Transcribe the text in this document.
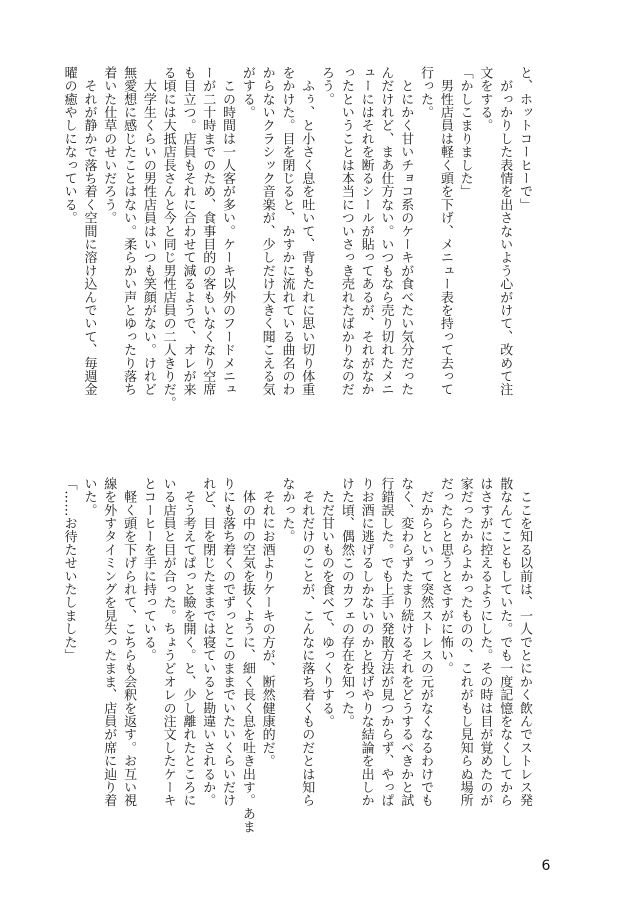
と、ホットコーヒーで」

　がっかりした表情を出さないよう心がけて、改めて注

文をする。

「かしこまりました」

　男性店員は軽く頭を下げ、メニュー表を持って去って

行った。

　とにかく甘いチョコ系のケーキが食べたい気分だった

んだけれど、まあ仕方ない。いつもなら売り切れたメニ

ューにはそれを断るシールが貼ってあるが、それがなか

ったということは本当についさっき売れたばかりなのだ

ろう。

　ふぅ、と小さく息を吐いて、背もたれに思い切り体重

をかけた。目を閉じると、かすかに流れている曲名のわ

からないクラシック音楽が、少しだけ大きく聞こえる気

がする。

　この時間は一人客が多い。ケーキ以外のフードメニュ

ーが二十時までのため、食事目的の客もいなくなり空席

も目立つ。店員もそれに合わせて減るようで、オレが来

る頃には大抵店長さんと今と同じ男性店員の二人きりだ。

　大学生くらいの男性店員はいつも笑顔がない。けれど

無愛想に感じたことはない。柔らかい声とゆったり落ち

着いた仕草のせいだろう。

　それが静かで落ち着く空間に溶け込んでいて、毎週金

曜の癒やしになっている。

　ここを知る以前は、一人でとにかく飲んでストレス発

散なんてこともしていた。でも一度記憶をなくしてから

はさすがに控えるようにした。その時は目が覚めたのが

家だったからよかったものの、これがもし見知らぬ場所

だったらと思うとさすがに怖い。

　だからといって突然ストレスの元がなくなるわけでも

なく、変わらずたまり続けるそれをどうするべきかと試

行錯誤した。でも上手い発散方法が見つからず、やっぱ

りお酒に逃げるしかないのかと投げやりな結論を出しか

けた頃、偶然このカフェの存在を知った。

　ただ甘いものを食べて、ゆっくりする。

　それだけのことが、こんなに落ち着くものだとは知ら

なかった。

　それにお酒よりケーキの方が、断然健康的だ。

　体の中の空気を抜くように、細く長く息を吐き出す。あま

りにも落ち着くのでずっとこのままでいたいくらいだけ

れど、目を閉じたままでは寝ていると勘違いされるか。

　そう考えてぱっと瞼を開く。と、少し離れたところに

いる店員と目が合った。ちょうどオレの注文したケーキ

とコーヒーを手に持っている。

　軽く頭を下げられて、こちらも会釈を返す。お互い視

線を外すタイミングを見失ったまま、店員が席に辿り着

いた。

「……お待たせいたしました」

6
